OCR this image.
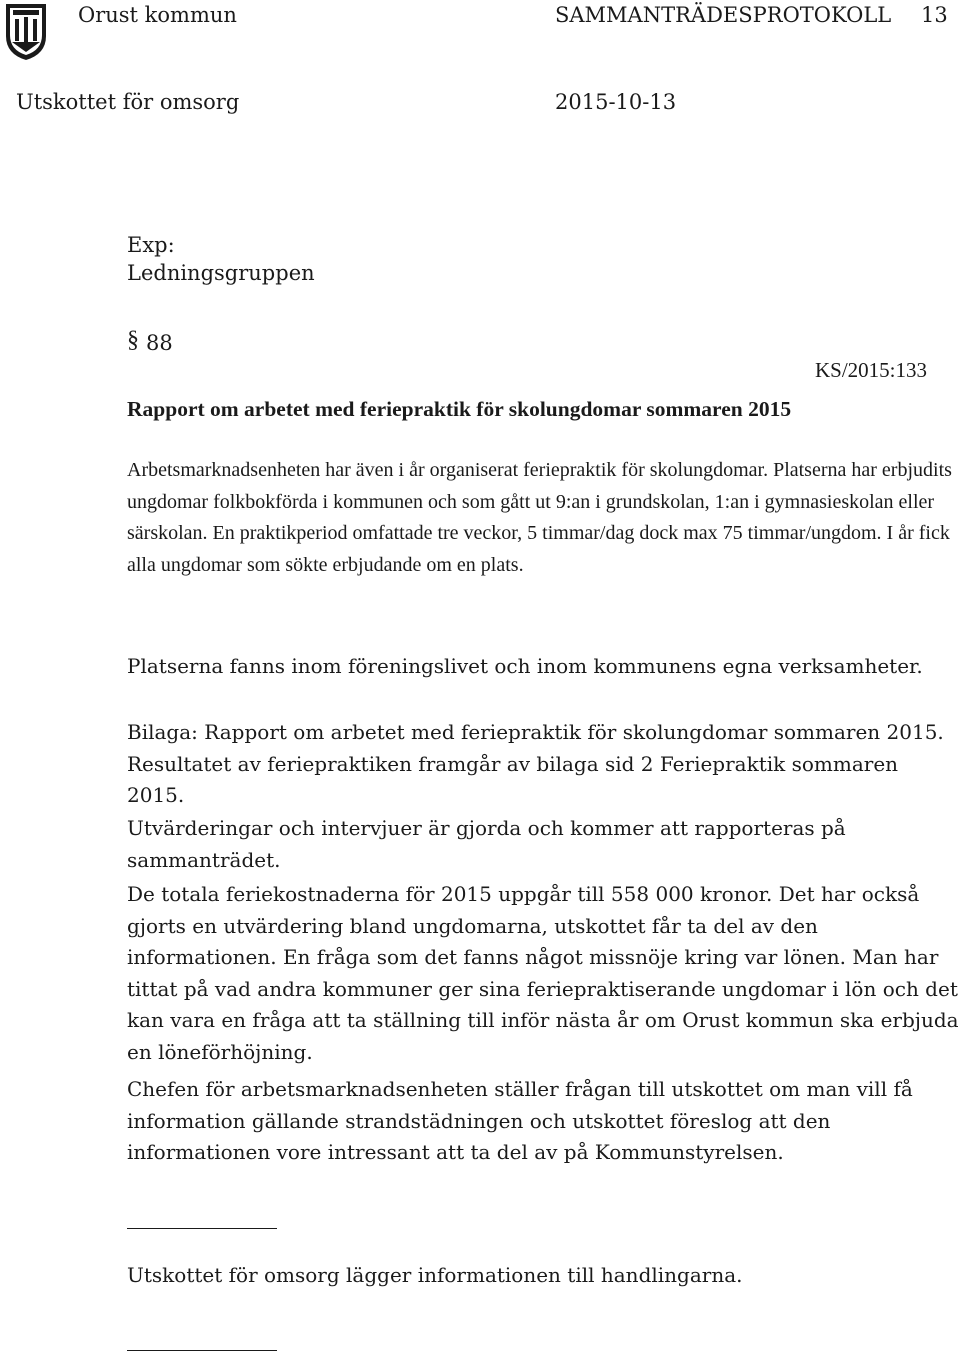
Orust kommun	SAMMANTRÄDESPROTOKOLL	13
Utskottet för omsorg	2015-10-13
Exp:
Ledningsgruppen
§ 88
KS/2015:133
Rapport om arbetet med feriepraktik för skolungdomar sommaren 2015
Arbetsmarknadsenheten har även i år organiserat feriepraktik för skolungdomar. Platserna har erbjudits ungdomar folkbokförda i kommunen och som gått ut 9:an i grundskolan, 1:an i gymnasieskolan eller särskolan. En praktikperiod omfattade tre veckor, 5 timmar/dag dock max 75 timmar/ungdom. I år fick alla ungdomar som sökte erbjudande om en plats.
Platserna fanns inom föreningslivet och inom kommunens egna verksamheter.
Bilaga: Rapport om arbetet med feriepraktik för skolungdomar sommaren 2015. Resultatet av feriepraktiken framgår av bilaga sid 2 Feriepraktik sommaren 2015.
Utvärderingar och intervjuer är gjorda och kommer att rapporteras på sammanträdet.
De totala feriekostnaderna för 2015 uppgår till 558 000 kronor. Det har också gjorts en utvärdering bland ungdomarna, utskottet får ta del av den informationen. En fråga som det fanns något missnöje kring var lönen. Man har tittat på vad andra kommuner ger sina feriepraktiserande ungdomar i lön och det kan vara en fråga att ta ställning till inför nästa år om Orust kommun ska erbjuda en löneförhöjning.
Chefen för arbetsmarknadsenheten ställer frågan till utskottet om man vill få information gällande strandstädningen och utskottet föreslog att den informationen vore intressant att ta del av på Kommunstyrelsen.
Utskottet för omsorg lägger informationen till handlingarna.
